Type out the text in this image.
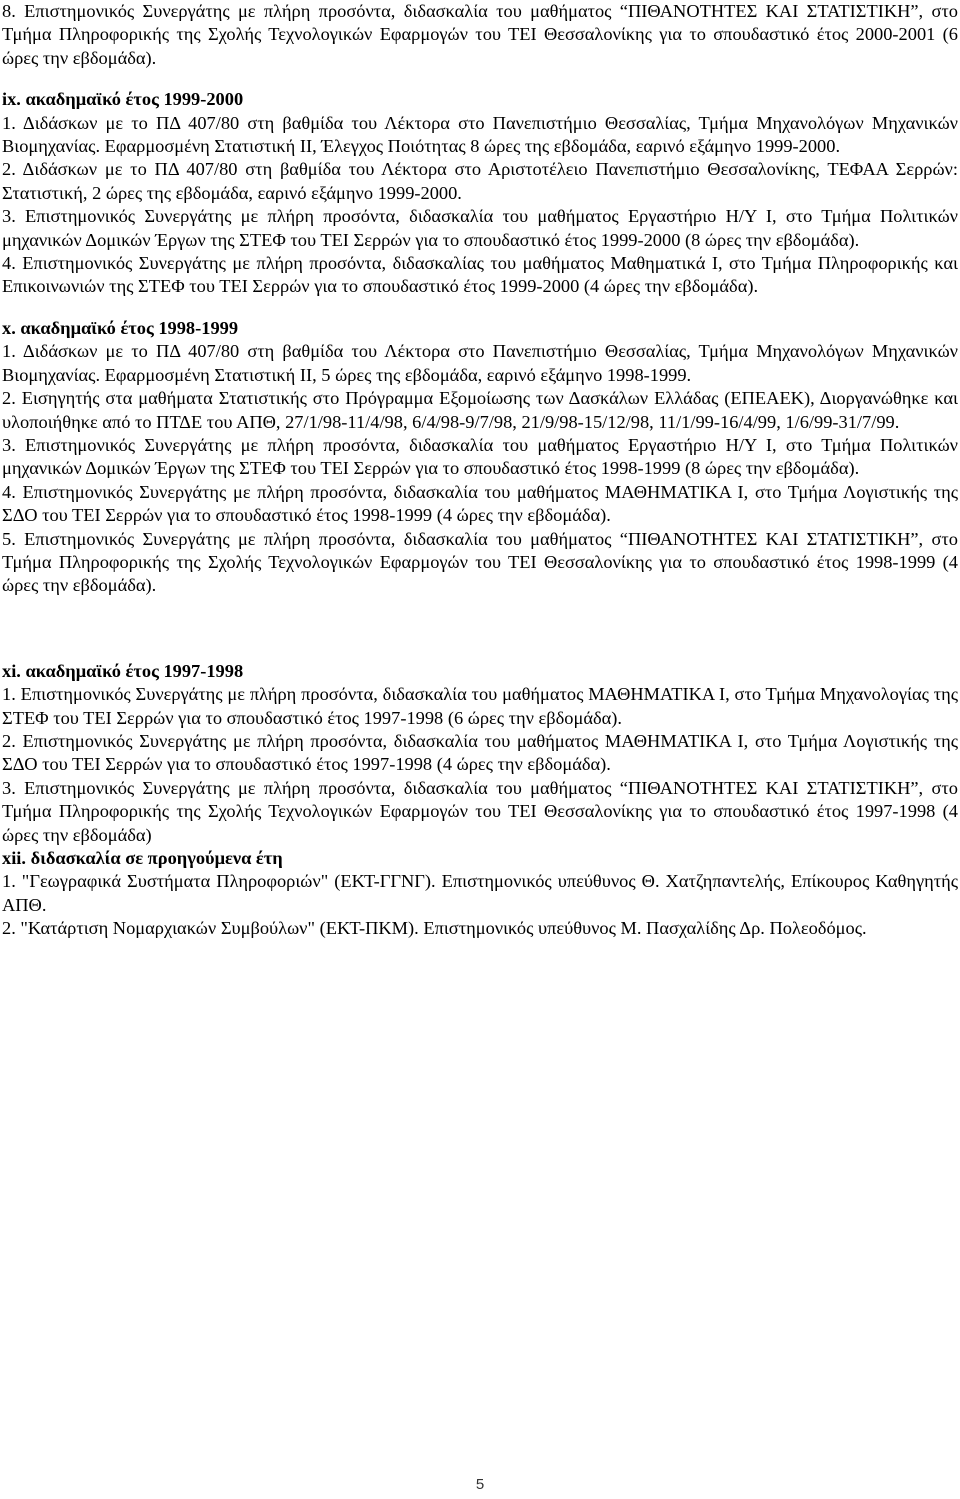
8. Επιστημονικός Συνεργάτης με πλήρη προσόντα, διδασκαλία του μαθήματος “ΠΙΘΑΝΟΤΗΤΕΣ ΚΑΙ ΣΤΑΤΙΣΤΙΚΗ”, στο Τμήμα Πληροφορικής της Σχολής Τεχνολογικών Εφαρμογών του ΤΕΙ Θεσσαλονίκης για το σπουδαστικό έτος 2000-2001 (6 ώρες την εβδομάδα).

ix. ακαδημαϊκό έτος 1999-2000

1. Διδάσκων με το ΠΔ 407/80 στη βαθμίδα του Λέκτορα στο Πανεπιστήμιο Θεσσαλίας, Τμήμα Μηχανολόγων Μηχανικών Βιομηχανίας. Εφαρμοσμένη Στατιστική ΙΙ, Έλεγχος Ποιότητας 8 ώρες της εβδομάδα, εαρινό εξάμηνο 1999-2000.

2. Διδάσκων με το ΠΔ 407/80 στη βαθμίδα του Λέκτορα στο Αριστοτέλειο Πανεπιστήμιο Θεσσαλονίκης, ΤΕΦΑΑ Σερρών: Στατιστική, 2 ώρες της εβδομάδα, εαρινό εξάμηνο 1999-2000.

3. Επιστημονικός Συνεργάτης με πλήρη προσόντα, διδασκαλία του μαθήματος Εργαστήριο Η/Υ Ι, στο Τμήμα Πολιτικών μηχανικών Δομικών Έργων της ΣΤΕΦ του ΤΕΙ Σερρών για το σπουδαστικό έτος 1999-2000 (8 ώρες την εβδομάδα).

4. Επιστημονικός Συνεργάτης με πλήρη προσόντα, διδασκαλίας του μαθήματος Μαθηματικά Ι, στο Τμήμα Πληροφορικής και Επικοινωνιών της ΣΤΕΦ του ΤΕΙ Σερρών για το σπουδαστικό έτος 1999-2000 (4 ώρες την εβδομάδα).

x. ακαδημαϊκό έτος 1998-1999

1. Διδάσκων με το ΠΔ 407/80 στη βαθμίδα του Λέκτορα στο Πανεπιστήμιο Θεσσαλίας, Τμήμα Μηχανολόγων Μηχανικών Βιομηχανίας. Εφαρμοσμένη Στατιστική ΙΙ, 5 ώρες της εβδομάδα, εαρινό εξάμηνο 1998-1999.

2. Εισηγητής στα μαθήματα Στατιστικής στο Πρόγραμμα Εξομοίωσης των Δασκάλων Ελλάδας (ΕΠΕΑΕΚ), Διοργανώθηκε και υλοποιήθηκε από το ΠΤΔΕ του ΑΠΘ, 27/1/98-11/4/98, 6/4/98-9/7/98, 21/9/98-15/12/98, 11/1/99-16/4/99, 1/6/99-31/7/99.

3. Επιστημονικός Συνεργάτης με πλήρη προσόντα, διδασκαλία του μαθήματος Εργαστήριο Η/Υ Ι, στο Τμήμα Πολιτικών μηχανικών Δομικών Έργων της ΣΤΕΦ του ΤΕΙ Σερρών για το σπουδαστικό έτος 1998-1999 (8 ώρες την εβδομάδα).

4. Επιστημονικός Συνεργάτης με πλήρη προσόντα, διδασκαλία του μαθήματος ΜΑΘΗΜΑΤΙΚΑ Ι, στο Τμήμα Λογιστικής της ΣΔΟ του ΤΕΙ Σερρών για το σπουδαστικό έτος 1998-1999 (4 ώρες την εβδομάδα).

5. Επιστημονικός Συνεργάτης με πλήρη προσόντα, διδασκαλία του μαθήματος “ΠΙΘΑΝΟΤΗΤΕΣ ΚΑΙ ΣΤΑΤΙΣΤΙΚΗ”, στο Τμήμα Πληροφορικής της Σχολής Τεχνολογικών Εφαρμογών του ΤΕΙ Θεσσαλονίκης για το σπουδαστικό έτος 1998-1999 (4 ώρες την εβδομάδα).

xi. ακαδημαϊκό έτος 1997-1998

1. Επιστημονικός Συνεργάτης με πλήρη προσόντα, διδασκαλία του μαθήματος ΜΑΘΗΜΑΤΙΚΑ Ι, στο Τμήμα Μηχανολογίας της ΣΤΕΦ του ΤΕΙ Σερρών για το σπουδαστικό έτος 1997-1998 (6 ώρες την εβδομάδα).

2. Επιστημονικός Συνεργάτης με πλήρη προσόντα, διδασκαλία του μαθήματος ΜΑΘΗΜΑΤΙΚΑ Ι, στο Τμήμα Λογιστικής της ΣΔΟ του ΤΕΙ Σερρών για το σπουδαστικό έτος 1997-1998 (4 ώρες την εβδομάδα).

3. Επιστημονικός Συνεργάτης με πλήρη προσόντα, διδασκαλία του μαθήματος “ΠΙΘΑΝΟΤΗΤΕΣ ΚΑΙ ΣΤΑΤΙΣΤΙΚΗ”, στο Τμήμα Πληροφορικής της Σχολής Τεχνολογικών Εφαρμογών του ΤΕΙ Θεσσαλονίκης για το σπουδαστικό έτος 1997-1998 (4 ώρες την εβδομάδα)

xii. διδασκαλία σε προηγούμενα έτη

1. "Γεωγραφικά Συστήματα Πληροφοριών" (ΕΚΤ-ΓΓΝΓ). Επιστημονικός υπεύθυνος Θ. Χατζηπαντελής, Επίκουρος Καθηγητής ΑΠΘ.

2. "Κατάρτιση Νομαρχιακών Συμβούλων" (ΕΚΤ-ΠΚΜ). Επιστημονικός υπεύθυνος Μ. Πασχαλίδης Δρ. Πολεοδόμος.

5
